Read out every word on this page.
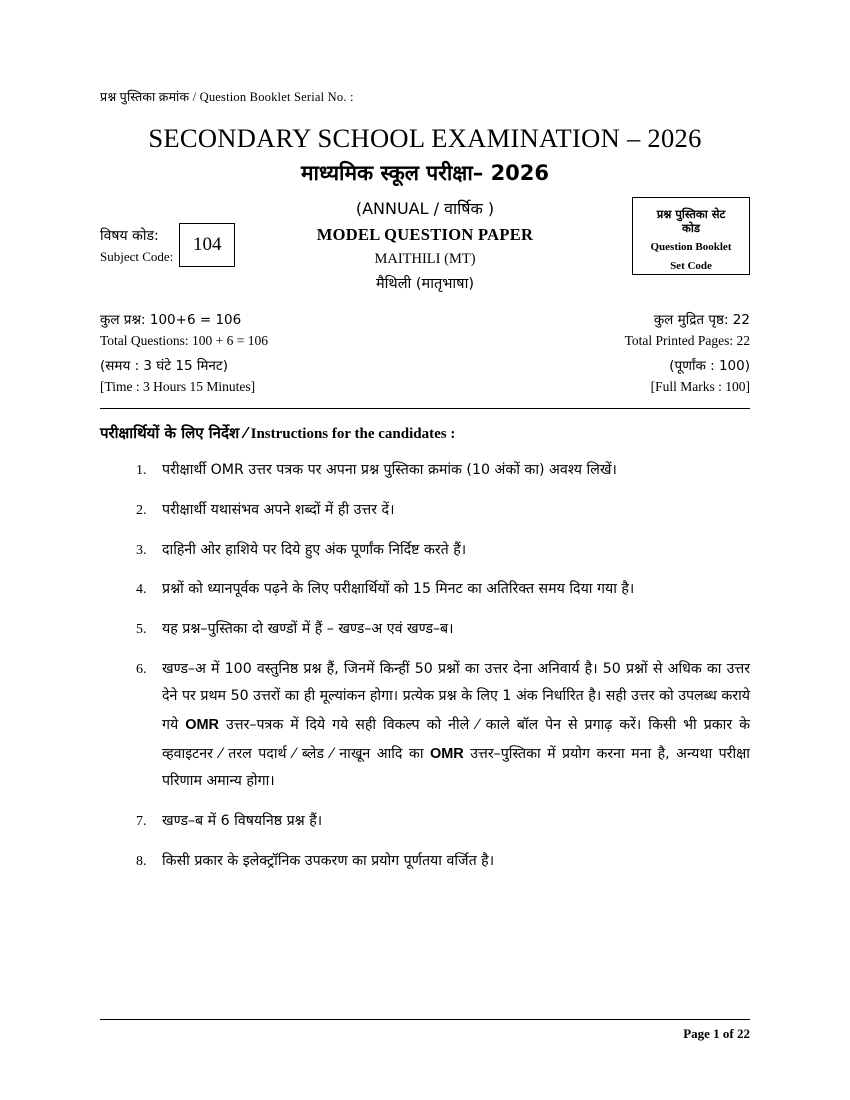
प्रश्न पुस्तिका क्रमांक / Question Booklet Serial No. :
SECONDARY SCHOOL EXAMINATION – 2026
माध्यमिक स्कूल परीक्षा– 2026
विषय कोड:
Subject Code:
104
(ANNUAL / वार्षिक )
MODEL QUESTION PAPER
MAITHILI (MT)
मैथिली (मातृभाषा)
प्रश्न पुस्तिका सेट
कोड
Question Booklet
Set Code
कुल प्रश्न: 100+6 = 106	कुल मुद्रित पृष्ठ: 22
Total Questions: 100 + 6 = 106	Total Printed Pages: 22
(समय : 3 घंटे 15 मिनट)	(पूर्णांक : 100)
[Time : 3 Hours 15 Minutes]	[Full Marks : 100]
परीक्षार्थियों के लिए निर्देश ⁄ Instructions for the candidates :
1. परीक्षार्थी OMR उत्तर पत्रक पर अपना प्रश्न पुस्तिका क्रमांक (10 अंकों का) अवश्य लिखें।
2. परीक्षार्थी यथासंभव अपने शब्दों में ही उत्तर दें।
3. दाहिनी ओर हाशिये पर दिये हुए अंक पूर्णांक निर्दिष्ट करते हैं।
4. प्रश्नों को ध्यानपूर्वक पढ़ने के लिए परीक्षार्थियों को 15 मिनट का अतिरिक्त समय दिया गया है।
5. यह प्रश्न–पुस्तिका दो खण्डों में हैं – खण्ड–अ एवं खण्ड–ब।
6. खण्ड–अ में 100 वस्तुनिष्ठ प्रश्न हैं, जिनमें किन्हीं 50 प्रश्नों का उत्तर देना अनिवार्य है। 50 प्रश्नों से अधिक का उत्तर देने पर प्रथम 50 उत्तरों का ही मूल्यांकन होगा। प्रत्येक प्रश्न के लिए 1 अंक निर्धारित है। सही उत्तर को उपलब्ध कराये गये OMR उत्तर–पत्रक में दिये गये सही विकल्प को नीले ⁄ काले बॉल पेन से प्रगाढ़ करें। किसी भी प्रकार के व्हवाइटनर ⁄ तरल पदार्थ ⁄ ब्लेड ⁄ नाखून आदि का OMR उत्तर–पुस्तिका में प्रयोग करना मना है, अन्यथा परीक्षा परिणाम अमान्य होगा।
7. खण्ड–ब में 6 विषयनिष्ठ प्रश्न हैं।
8. किसी प्रकार के इलेक्ट्रॉनिक उपकरण का प्रयोग पूर्णतया वर्जित है।
Page 1 of 22
